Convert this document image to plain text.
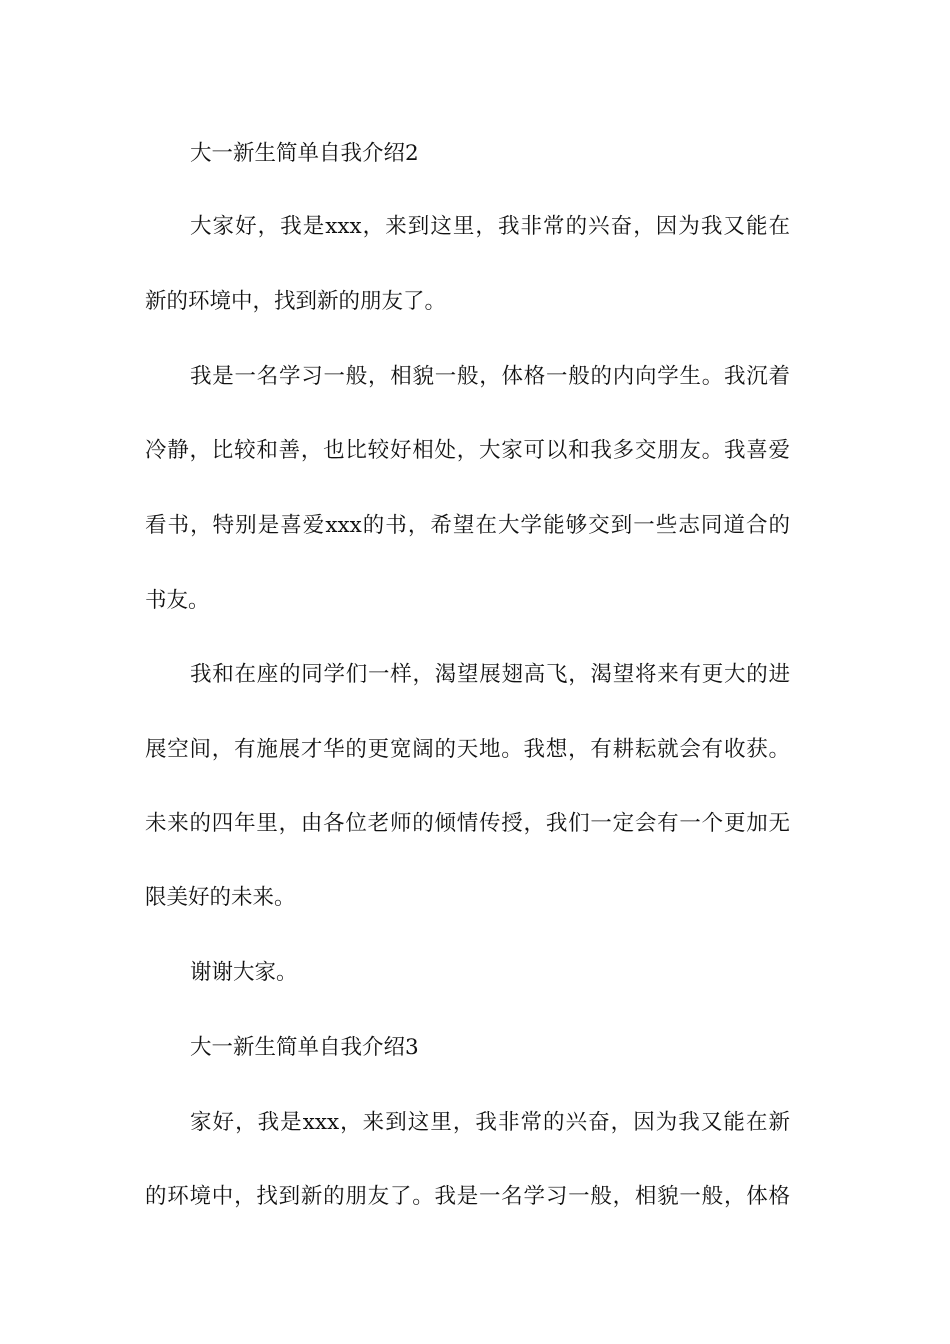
大一新生简单自我介绍2
大家好，我是xxx，来到这里，我非常的兴奋，因为我又能在
新的环境中，找到新的朋友了。
我是一名学习一般，相貌一般，体格一般的内向学生。我沉着
冷静，比较和善，也比较好相处，大家可以和我多交朋友。我喜爱
看书，特别是喜爱xxx的书，希望在大学能够交到一些志同道合的
书友。
我和在座的同学们一样，渴望展翅高飞，渴望将来有更大的进
展空间，有施展才华的更宽阔的天地。我想，有耕耘就会有收获。
未来的四年里，由各位老师的倾情传授，我们一定会有一个更加无
限美好的未来。
谢谢大家。
大一新生简单自我介绍3
家好，我是xxx，来到这里，我非常的兴奋，因为我又能在新
的环境中，找到新的朋友了。我是一名学习一般，相貌一般，体格
